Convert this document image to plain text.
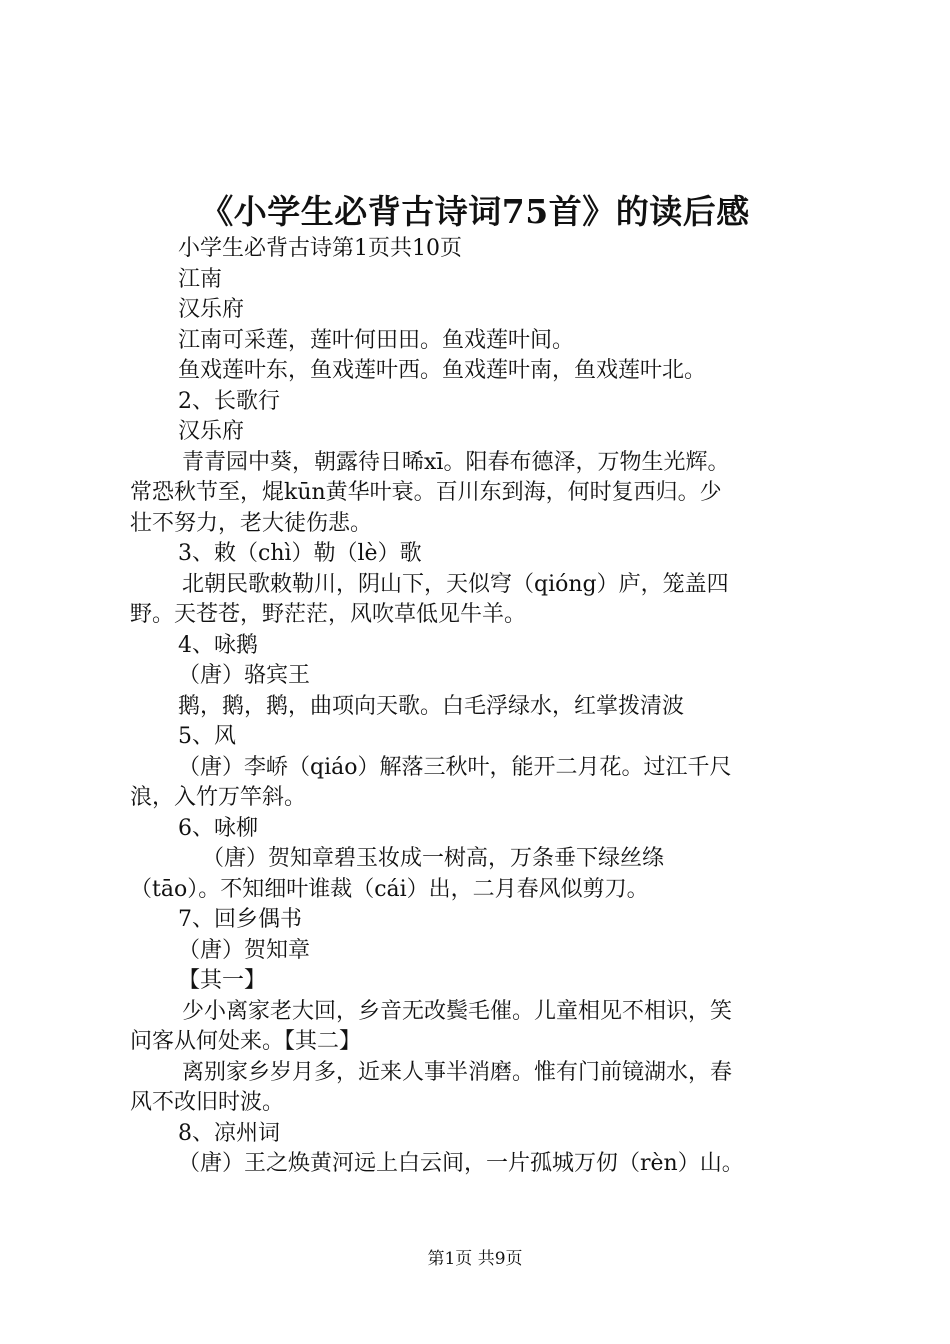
《小学生必背古诗词75首》的读后感
小学生必背古诗第1页共10页
江南
汉乐府
江南可采莲，莲叶何田田。鱼戏莲叶间。
鱼戏莲叶东，鱼戏莲叶西。鱼戏莲叶南，鱼戏莲叶北。
2、长歌行
汉乐府
青青园中葵，朝露待日晞xī。阳春布德泽，万物生光辉。
常恐秋节至，焜kūn黄华叶衰。百川东到海，何时复西归。少
壮不努力，老大徒伤悲。
3、敕（chì）勒（lè）歌
北朝民歌敕勒川，阴山下，天似穹（qióng）庐，笼盖四
野。天苍苍，野茫茫，风吹草低见牛羊。
4、咏鹅
（唐）骆宾王
鹅，鹅，鹅，曲项向天歌。白毛浮绿水，红掌拨清波
5、风
（唐）李峤（qiáo）解落三秋叶，能开二月花。过江千尺
浪，入竹万竿斜。
6、咏柳
（唐）贺知章碧玉妆成一树高，万条垂下绿丝绦
（tāo）。不知细叶谁裁（cái）出，二月春风似剪刀。
7、回乡偶书
（唐）贺知章
【其一】
少小离家老大回，乡音无改鬓毛催。儿童相见不相识，笑
问客从何处来。【其二】
离别家乡岁月多，近来人事半消磨。惟有门前镜湖水，春
风不改旧时波。
8、凉州词
（唐）王之焕黄河远上白云间，一片孤城万仞（rèn）山。
第1页 共9页
